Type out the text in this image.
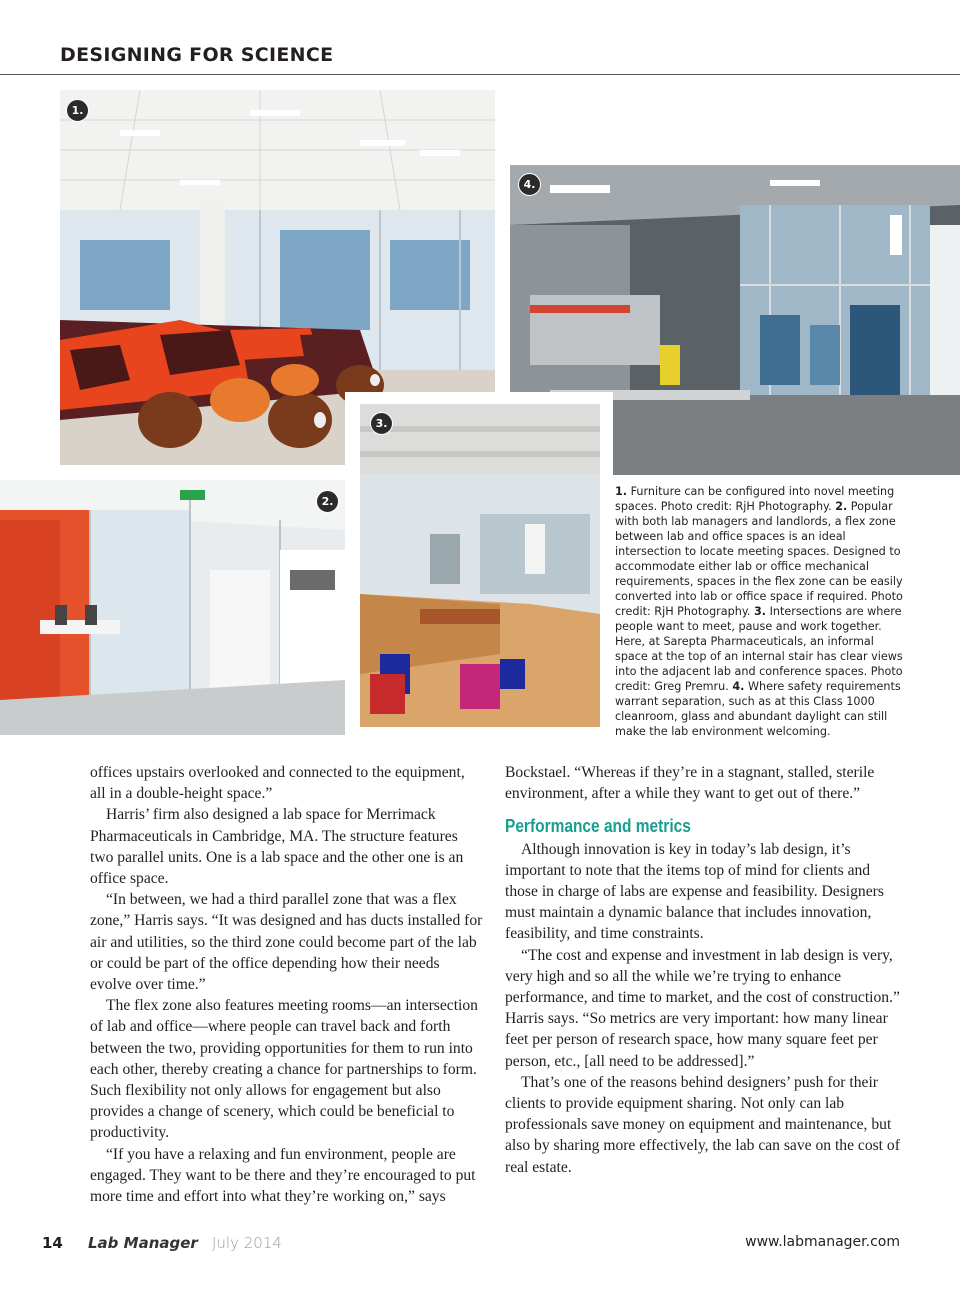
DESIGNING FOR SCIENCE
1.
4.
2.
3.
1. Furniture can be configured into novel meeting spaces. Photo credit: RjH Photography. 2. Popular with both lab managers and landlords, a flex zone between lab and office spaces is an ideal intersection to locate meeting spaces. Designed to accommodate either lab or office mechanical requirements, spaces in the flex zone can be easily converted into lab or office space if required. Photo credit: RjH Photography. 3. Intersections are where people want to meet, pause and work together. Here, at Sarepta Pharmaceuticals, an informal space at the top of an internal stair has clear views into the adjacent lab and conference spaces. Photo credit: Greg Premru. 4. Where safety requirements warrant separation, such as at this Class 1000 cleanroom, glass and abundant daylight can still make the lab environment welcoming.

offices upstairs overlooked and connected to the equipment, all in a double-height space.”

Harris’ firm also designed a lab space for Merrimack Pharmaceuticals in Cambridge, MA. The structure features two parallel units. One is a lab space and the other one is an office space.

“In between, we had a third parallel zone that was a flex zone,” Harris says. “It was designed and has ducts installed for air and utilities, so the third zone could become part of the lab or could be part of the office depending how their needs evolve over time.”

The flex zone also features meeting rooms—an intersection of lab and office—where people can travel back and forth between the two, providing opportunities for them to run into each other, thereby creating a chance for partnerships to form. Such flexibility not only allows for engagement but also provides a change of scenery, which could be beneficial to productivity.

“If you have a relaxing and fun environment, people are engaged. They want to be there and they’re encouraged to put more time and effort into what they’re working on,” says

Bockstael. “Whereas if they’re in a stagnant, stalled, sterile environment, after a while they want to get out of there.”

Performance and metrics

Although innovation is key in today’s lab design, it’s important to note that the items top of mind for clients and those in charge of labs are expense and feasibility. Designers must maintain a dynamic balance that includes innovation, feasibility, and time constraints.

“The cost and expense and investment in lab design is very, very high and so all the while we’re trying to enhance performance, and time to market, and the cost of construction.” Harris says. “So metrics are very important: how many linear feet per person of research space, how many square feet per person, etc., [all need to be addressed].”

That’s one of the reasons behind designers’ push for their clients to provide equipment sharing. Not only can lab professionals save money on equipment and maintenance, but also by sharing more effectively, the lab can save on the cost of real estate.

14 Lab Manager July 2014	www.labmanager.com
